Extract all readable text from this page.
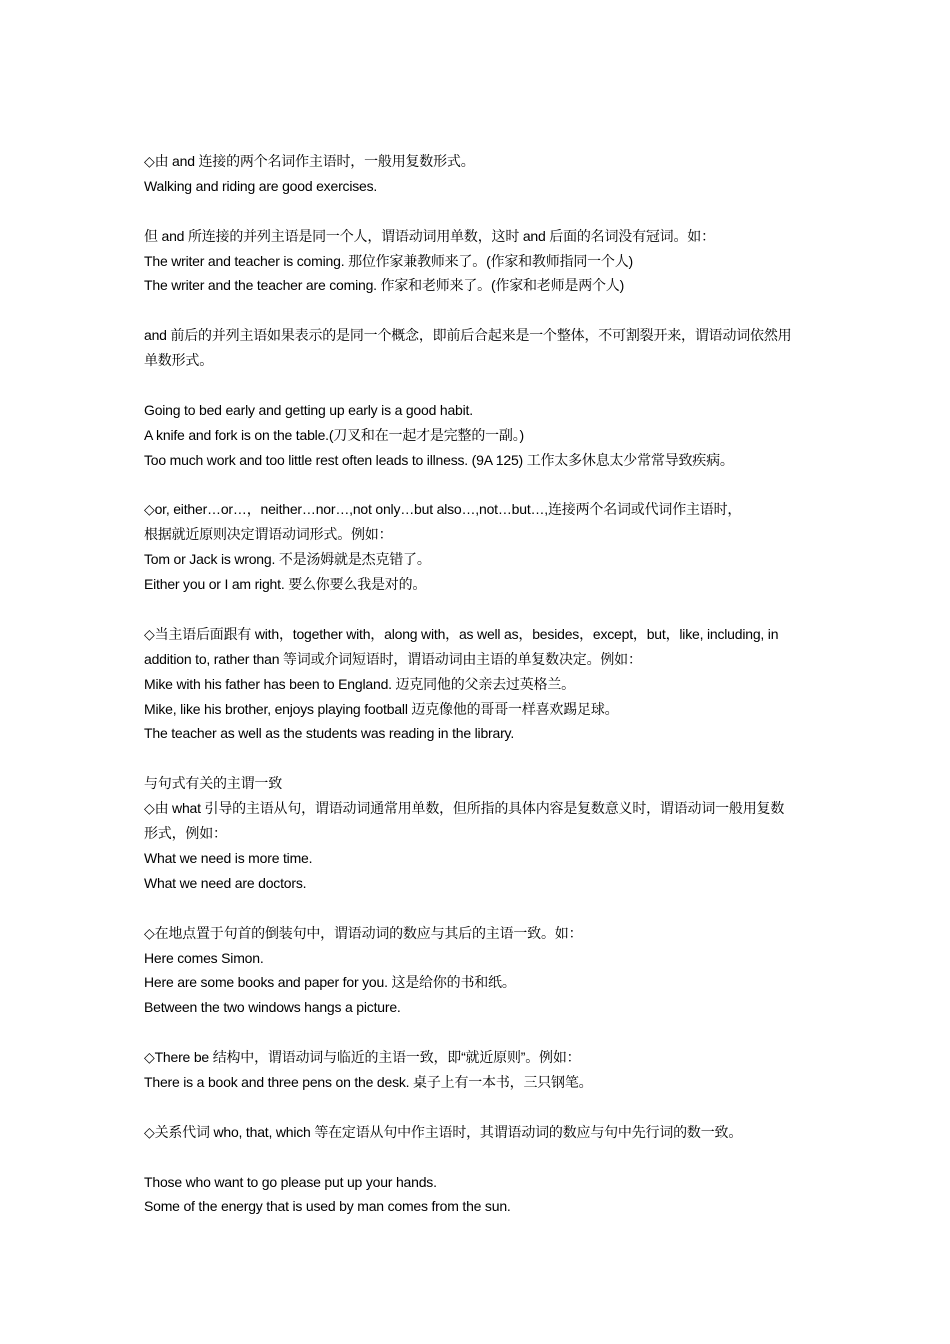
◇由 and 连接的两个名词作主语时，一般用复数形式。
Walking and riding are good exercises.
但 and 所连接的并列主语是同一个人，谓语动词用单数，这时 and 后面的名词没有冠词。如：
The writer and teacher is coming. 那位作家兼教师来了。(作家和教师指同一个人)
The writer and the teacher are coming. 作家和老师来了。(作家和老师是两个人)
and 前后的并列主语如果表示的是同一个概念，即前后合起来是一个整体，不可割裂开来，谓语动词依然用
单数形式。
Going to bed early and getting up early is a good habit.
A knife and fork is on the table.(刀叉和在一起才是完整的一副。)
Too much work and too little rest often leads to illness. (9A 125) 工作太多休息太少常常导致疾病。
◇or, either…or…，neither…nor…,not only…but also…,not…but…,连接两个名词或代词作主语时，
根据就近原则决定谓语动词形式。例如：
Tom or Jack is wrong. 不是汤姆就是杰克错了。
Either you or I am right. 要么你要么我是对的。
◇当主语后面跟有 with，together with，along with，as well as，besides，except，but，like, including, in
addition to, rather than 等词或介词短语时，谓语动词由主语的单复数决定。例如：
Mike with his father has been to England. 迈克同他的父亲去过英格兰。
Mike, like his brother, enjoys playing football 迈克像他的哥哥一样喜欢踢足球。
The teacher as well as the students was reading in the library.
与句式有关的主谓一致
◇由 what 引导的主语从句，谓语动词通常用单数，但所指的具体内容是复数意义时，谓语动词一般用复数
形式，例如：
What we need is more time.
What we need are doctors.
◇在地点置于句首的倒装句中，谓语动词的数应与其后的主语一致。如：
Here comes Simon.
Here are some books and paper for you. 这是给你的书和纸。
Between the two windows hangs a picture.
◇There be 结构中，谓语动词与临近的主语一致，即“就近原则”。例如：
There is a book and three pens on the desk. 桌子上有一本书，三只钢笔。
◇关系代词 who, that, which 等在定语从句中作主语时，其谓语动词的数应与句中先行词的数一致。
Those who want to go please put up your hands.
Some of the energy that is used by man comes from the sun.
